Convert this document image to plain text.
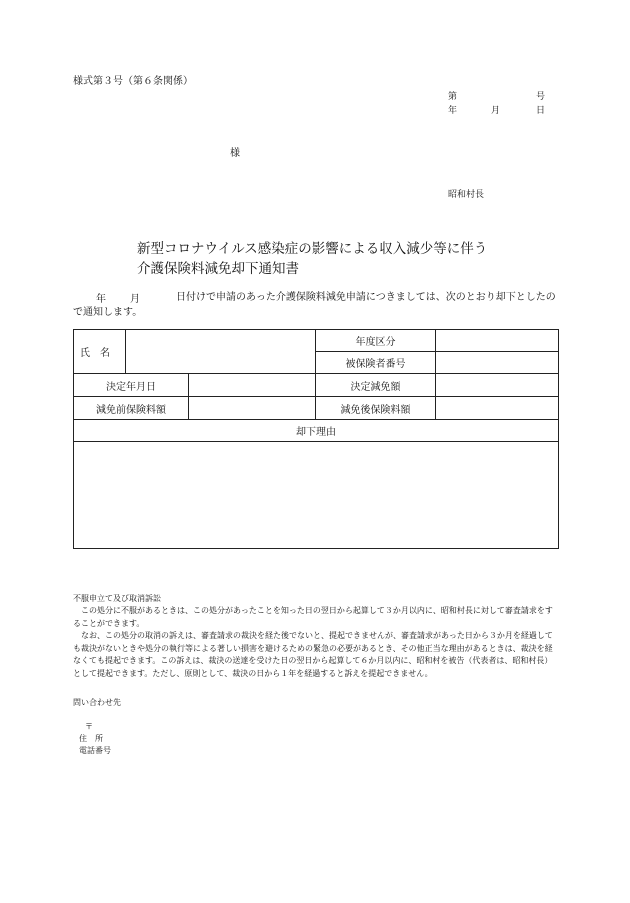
様式第３号（第６条関係）
第	号
年	月	日
様
昭和村長
新型コロナウイルス感染症の影響による収入減少等に伴う
介護保険料減免却下通知書
年 月	日付けで申請のあった介護保険料減免申請につきましては、次のとおり却下としたので通知します。
氏　名			年度区分	
			被保険者番号	
決定年月日			決定減免額	
減免前保険料額			減免後保険料額	
却下理由				

不服申立て及び取消訴訟
　この処分に不服があるときは、この処分があったことを知った日の翌日から起算して３か月以内に、昭和村長に対して審査請求をすることができます。
　なお、この処分の取消の訴えは、審査請求の裁決を経た後でないと、提起できませんが、審査請求があった日から３か月を経過しても裁決がないときや処分の執行等による著しい損害を避けるための緊急の必要があるとき、その他正当な理由があるときは、裁決を経なくても提起できます。この訴えは、裁決の送達を受けた日の翌日から起算して６か月以内に、昭和村を被告（代表者は、昭和村長）として提起できます。ただし、原則として、裁決の日から１年を経過すると訴えを提起できません。
問い合わせ先
〒
住　所
電話番号
